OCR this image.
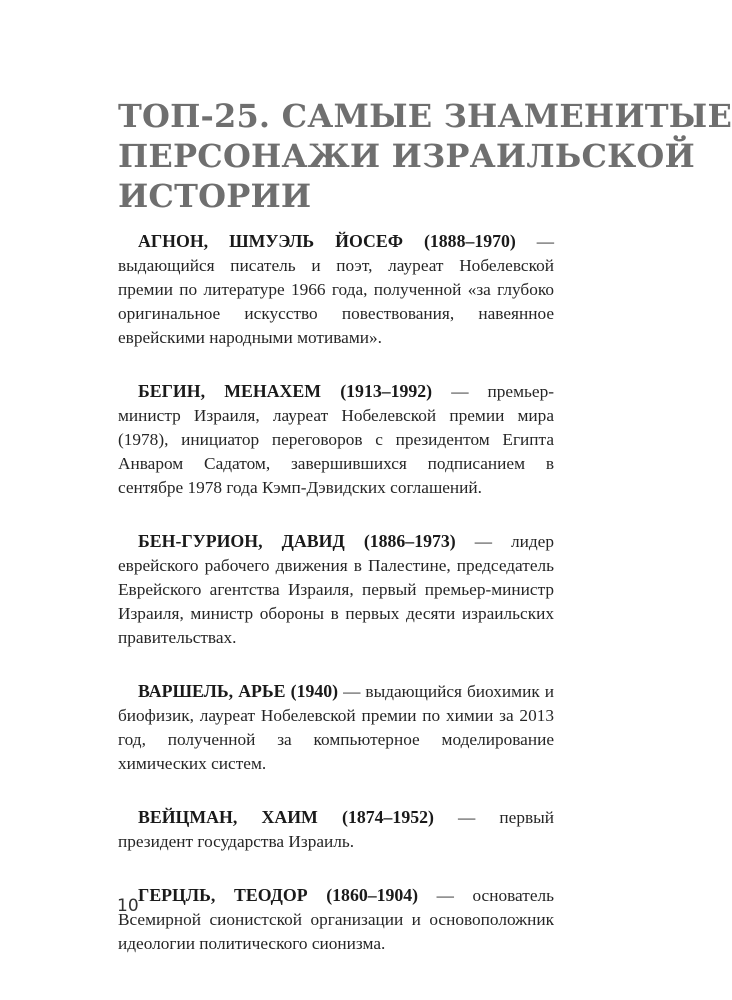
ТОП-25. САМЫЕ ЗНАМЕНИТЫЕ
ПЕРСОНАЖИ ИЗРАИЛЬСКОЙ
ИСТОРИИ

АГНОН, ШМУЭЛЬ ЙОСЕФ (1888–1970) — выдающийся писатель и поэт, лауреат Нобелевской премии по литературе 1966 года, полученной «за глубоко оригинальное искусство повествования, навеянное еврейскими народными мотивами».

БЕГИН, МЕНАХЕМ (1913–1992) — премьер-министр Израиля, лауреат Нобелевской премии мира (1978), инициатор переговоров с президентом Египта Анваром Садатом, завершившихся подписанием в сентябре 1978 года Кэмп-Дэвидских соглашений.

БЕН-ГУРИОН, ДАВИД (1886–1973) — лидер еврейского рабочего движения в Палестине, председатель Еврейского агентства Израиля, первый премьер-министр Израиля, министр обороны в первых десяти израильских правительствах.

ВАРШЕЛЬ, АРЬЕ (1940) — выдающийся биохимик и биофизик, лауреат Нобелевской премии по химии за 2013 год, полученной за компьютерное моделирование химических систем.

ВЕЙЦМАН, ХАИМ (1874–1952) — первый президент государства Израиль.

ГЕРЦЛЬ, ТЕОДОР (1860–1904) — основатель Всемирной сионистской организации и основоположник идеологии политического сионизма.

10
